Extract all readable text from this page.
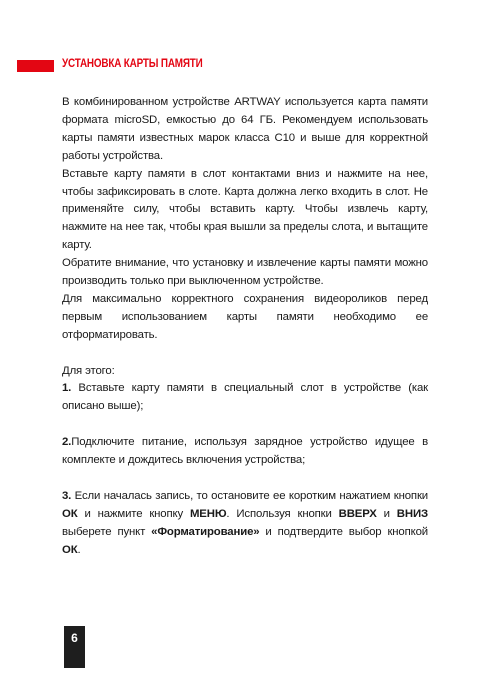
УСТАНОВКА КАРТЫ ПАМЯТИ

В комбинированном устройстве ARTWAY используется карта памяти формата microSD, емкостью до 64 ГБ. Рекомендуем использовать карты памяти известных марок класса С10 и выше для корректной работы устройства.

Вставьте карту памяти в слот контактами вниз и нажмите на нее, чтобы зафиксировать в слоте. Карта должна легко входить в слот. Не применяйте силу, чтобы вставить карту. Чтобы извлечь карту, нажмите на нее так, чтобы края вышли за пределы слота, и вытащите карту.

Обратите внимание, что установку и извлечение карты памяти можно производить только при выключенном устройстве.

Для максимально корректного сохранения видеороликов перед первым использованием карты памяти необходимо ее отформатировать.

Для этого:

1. Вставьте карту памяти в специальный слот в устройстве (как описано выше);

2.Подключите питание, используя зарядное устройство идущее в комплекте и дождитесь включения устройства;

3. Если началась запись, то остановите ее коротким нажатием кнопки ОК и нажмите кнопку МЕНЮ. Используя кнопки ВВЕРХ и ВНИЗ выберете пункт «Форматирование» и подтвердите выбор кнопкой ОК.

6
